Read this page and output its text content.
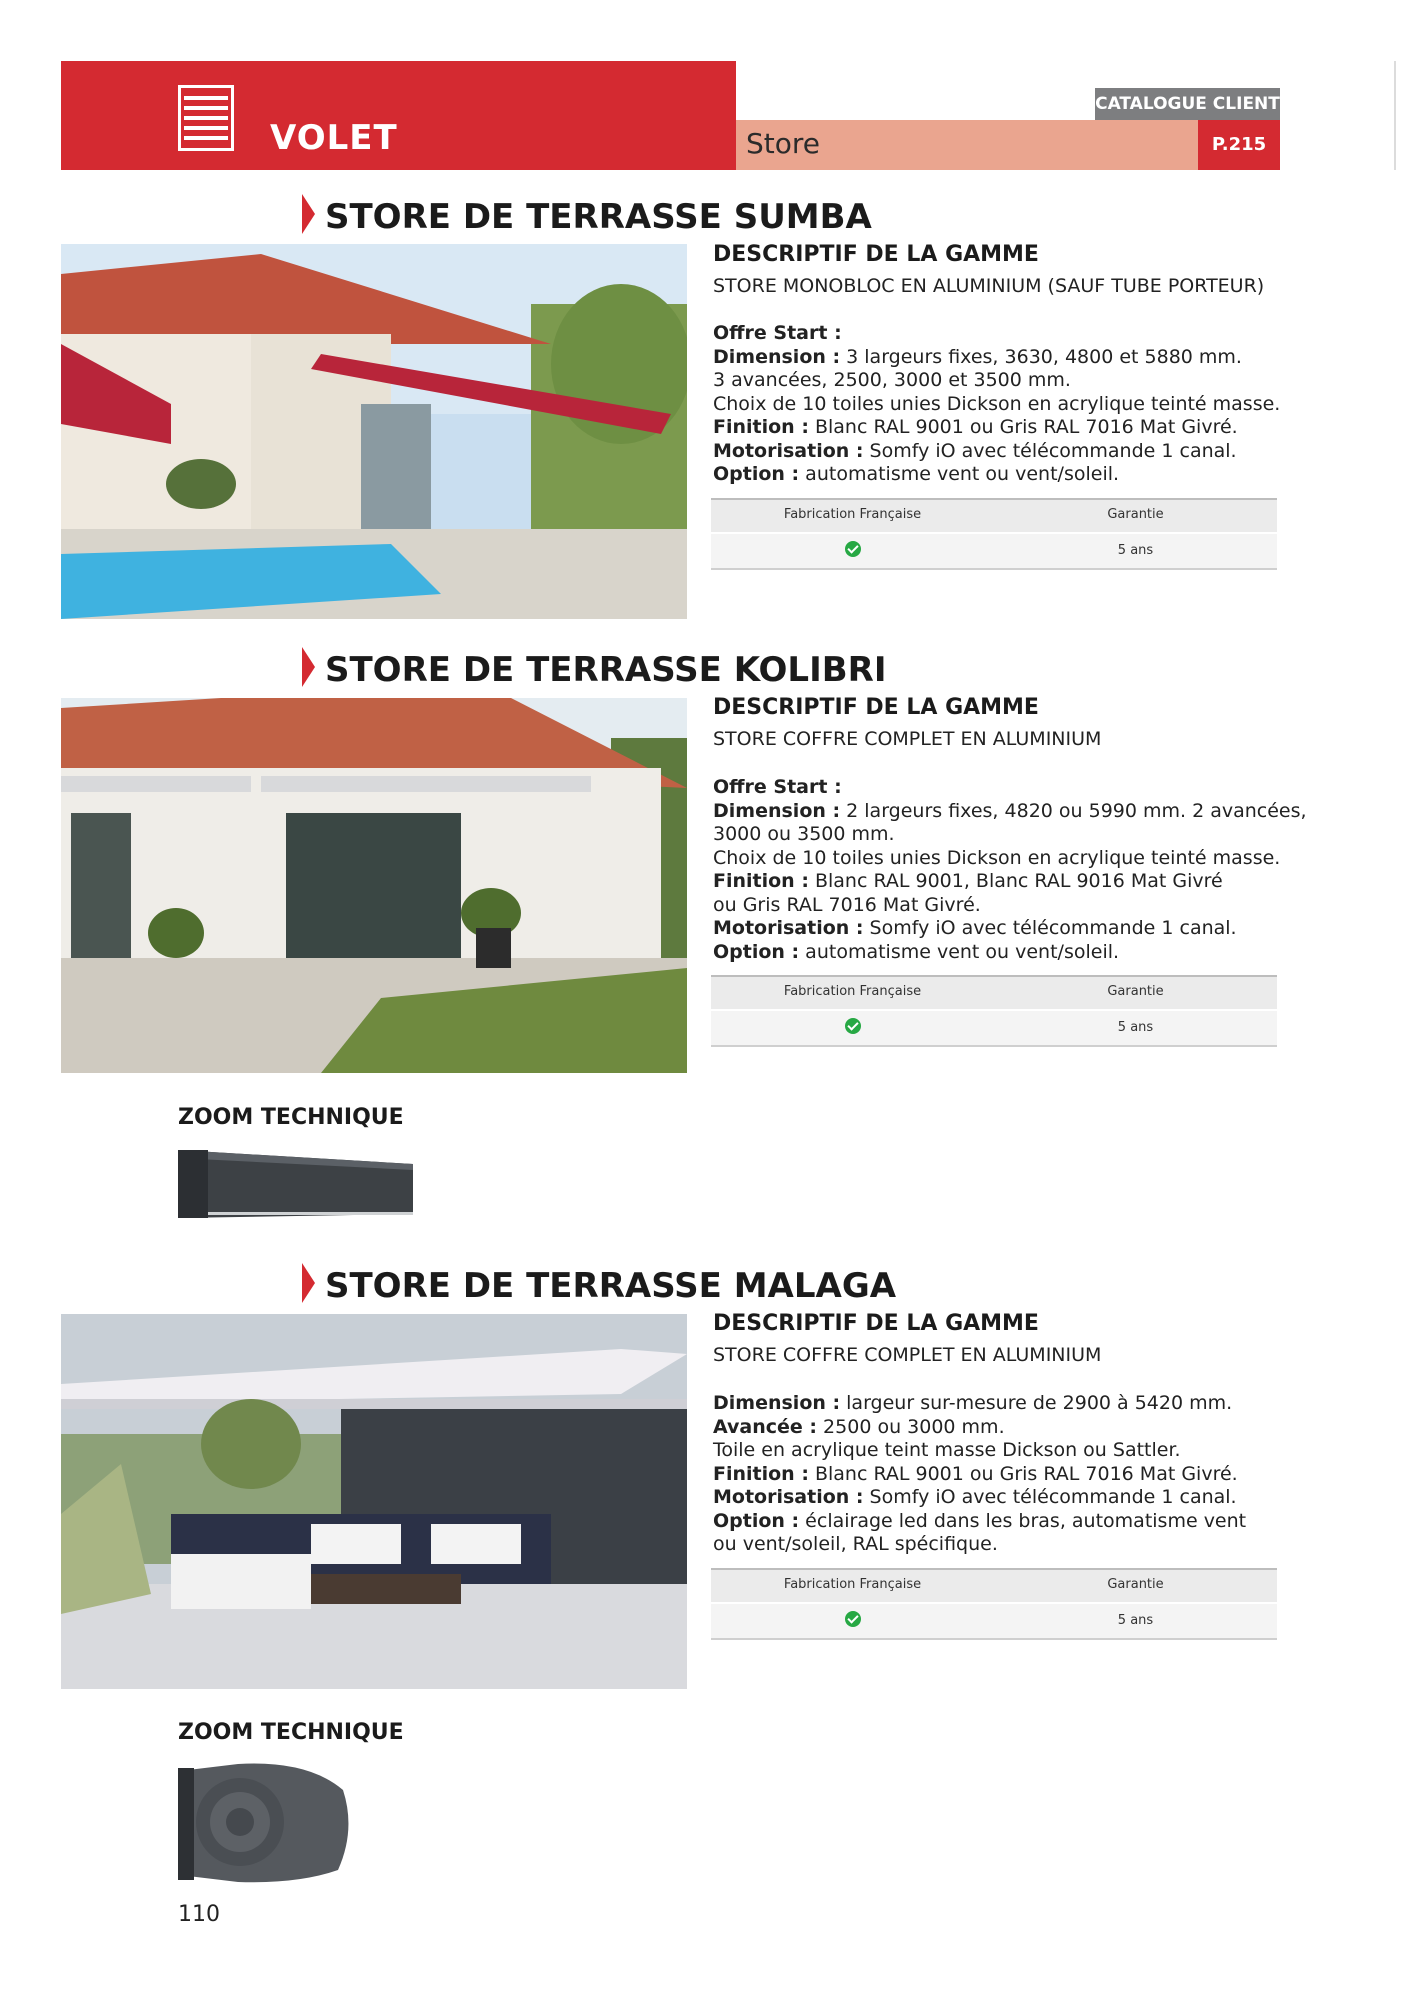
VOLET
CATALOGUE CLIENT
Store	P.215
STORE DE TERRASSE SUMBA
DESCRIPTIF DE LA GAMME
STORE MONOBLOC EN ALUMINIUM (SAUF TUBE PORTEUR)
Offre Start :
Dimension : 3 largeurs fixes, 3630, 4800 et 5880 mm.
3 avancées, 2500, 3000 et 3500 mm.
Choix de 10 toiles unies Dickson en acrylique teinté masse.
Finition : Blanc RAL 9001 ou Gris RAL 7016 Mat Givré.
Motorisation : Somfy iO avec télécommande 1 canal.
Option : automatisme vent ou vent/soleil.
Fabrication Française	Garantie
5 ans
STORE DE TERRASSE KOLIBRI
DESCRIPTIF DE LA GAMME
STORE COFFRE COMPLET EN ALUMINIUM
Offre Start :
Dimension : 2 largeurs fixes, 4820 ou 5990 mm. 2 avancées,
3000 ou 3500 mm.
Choix de 10 toiles unies Dickson en acrylique teinté masse.
Finition : Blanc RAL 9001, Blanc RAL 9016 Mat Givré
ou Gris RAL 7016 Mat Givré.
Motorisation : Somfy iO avec télécommande 1 canal.
Option : automatisme vent ou vent/soleil.
Fabrication Française	Garantie
5 ans
ZOOM TECHNIQUE
STORE DE TERRASSE MALAGA
DESCRIPTIF DE LA GAMME
STORE COFFRE COMPLET EN ALUMINIUM
Dimension : largeur sur-mesure de 2900 à 5420 mm.
Avancée : 2500 ou 3000 mm.
Toile en acrylique teint masse Dickson ou Sattler.
Finition : Blanc RAL 9001 ou Gris RAL 7016 Mat Givré.
Motorisation : Somfy iO avec télécommande 1 canal.
Option : éclairage led dans les bras, automatisme vent
ou vent/soleil, RAL spécifique.
Fabrication Française	Garantie
5 ans
ZOOM TECHNIQUE
110
